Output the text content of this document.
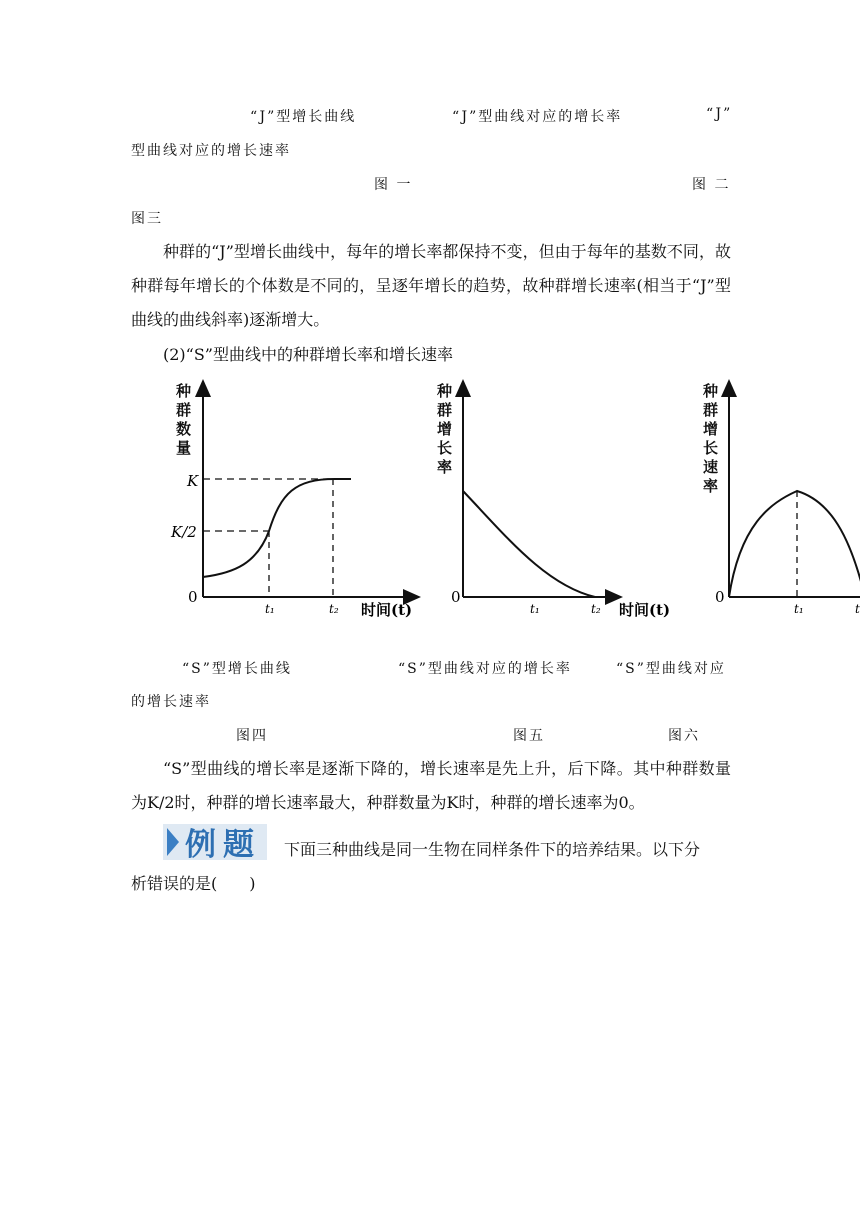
“J”型增长曲线	“J”型曲线对应的增长率	“J”
型曲线对应的增长速率
图 一	图 二
图三
种群的“J”型增长曲线中，每年的增长率都保持不变，但由于每年的基数不同，故种群每年增长的个体数是不同的，呈逐年增长的趋势，故种群增长速率(相当于“J”型曲线的曲线斜率)逐渐增大。
(2)“S”型曲线中的种群增长率和增长速率
种
群
数
量
K
K/2
0
t₁	t₂ 时间(t)
种
群
增
长
率
0
t₁	t₂ 时间(t)
种
群
增
长
速
率
0
t₁	t
“S”型增长曲线	“S”型曲线对应的增长率	“S”型曲线对应
的增长速率
图四	图五	图六
“S”型曲线的增长率是逐渐下降的，增长速率是先上升，后下降。其中种群数量为K/2时，种群的增长速率最大，种群数量为K时，种群的增长速率为0。
例 题 下面三种曲线是同一生物在同样条件下的培养结果。以下分
析错误的是(　　)
